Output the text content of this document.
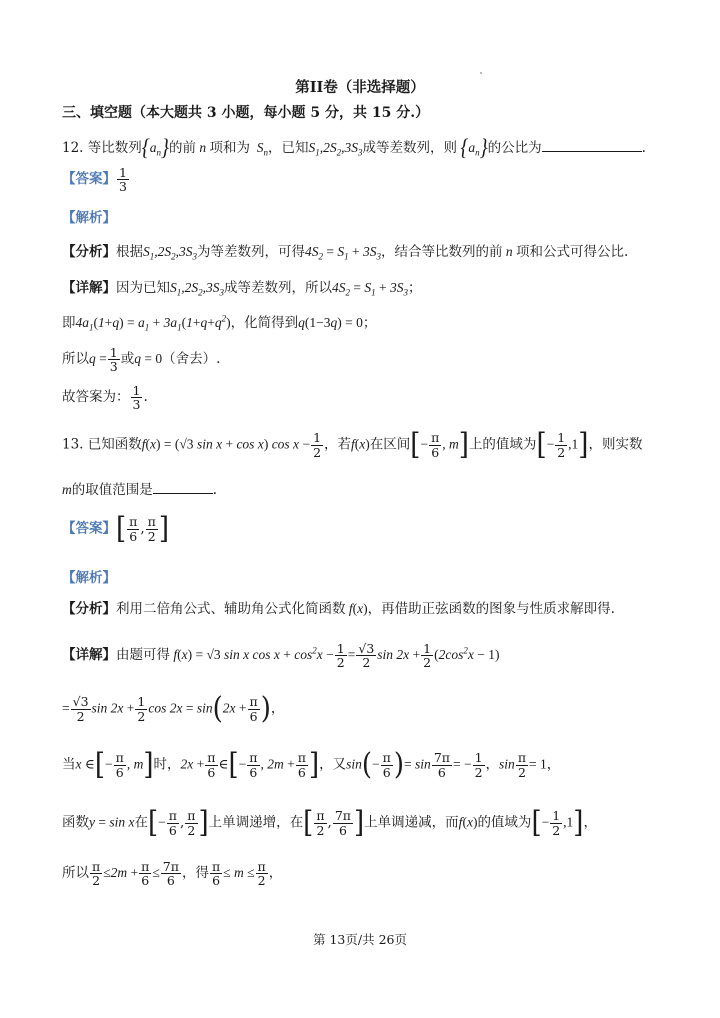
第II卷（非选择题）
三、填空题（本大题共 3 小题，每小题 5 分，共 15 分.）
12. 等比数列$\{a_n\}$的前 n 项和为  $S_n$，已知$S_1,2S_2,3S_3$成等差数列，则 $\{a_n\}$的公比为	.
【答案】 $\frac{1}{3}$
【解析】
【分析】根据$S_1,2S_2,3S_3$为等差数列，可得$4S_2 = S_1 + 3S_3$，结合等比数列的前 n 项和公式可得公比.
【详解】因为已知$S_1,2S_2,3S_3$成等差数列，所以$4S_2 = S_1 + 3S_3$；
即$4a_1(1+q) = a_1 + 3a_1(1+q+q^2)$，化简得到q(1−3q) = 0；
所以$q = \frac{1}{3}$ 或q = 0（舍去）.
故答案为： $\frac{1}{3}$ .
13. 已知函数f(x) = (√3 sin x + cos x) $\cos x - \frac{1}{2}$ ，若f(x)在区间[− $\frac{\pi}{6}$ , m]上的值域为[− $\frac{1}{2} ,1$]，则实数
m的取值范围是	.
【答案】[ $\frac{\pi}{6}$ , $\frac{\pi}{2}$ ]
【解析】
【分析】利用二倍角公式、辅助角公式化简函数 f(x)，再借助正弦函数的图象与性质求解即得.
【详解】由题可得 f(x) = √3 sin x $\cos x + \cos^2x - \frac{1}{2} = \frac{√3}{2}$ $\sin 2x + \frac{1}{2} (2\cos^2x - 1)$
= $\frac{√3}{2}$ $\sin 2x + \frac{1}{2}$ $\cos 2x = \sin(2x + \frac{\pi}{6}$ )，
当x ∈[− $\frac{\pi}{6}$ , m]时，$2x + \frac{\pi}{6}$ ∈[− $\frac{\pi}{6}$ , $2m + \frac{\pi}{6}$ ]，又$\sin(- \frac{\pi}{6}$ )= $\sin \frac{7\pi}{6}$ = − $\frac{1}{2}$ ，$\sin \frac{\pi}{2} = 1$，
函数y = sin x在[− $\frac{\pi}{6}$ , $\frac{\pi}{2}$ ]上单调递增，在[ $\frac{\pi}{2}$ , $\frac{7\pi}{6}$ ]上单调递减，而f(x)的值域为[− $\frac{1}{2} ,1$]，
所以 $\frac{\pi}{2} \le 2m + \frac{\pi}{6} \le \frac{7\pi}{6}$ ，得 $\frac{\pi}{6} \le m \le \frac{\pi}{2}$ ，
第 13页/共 26页
